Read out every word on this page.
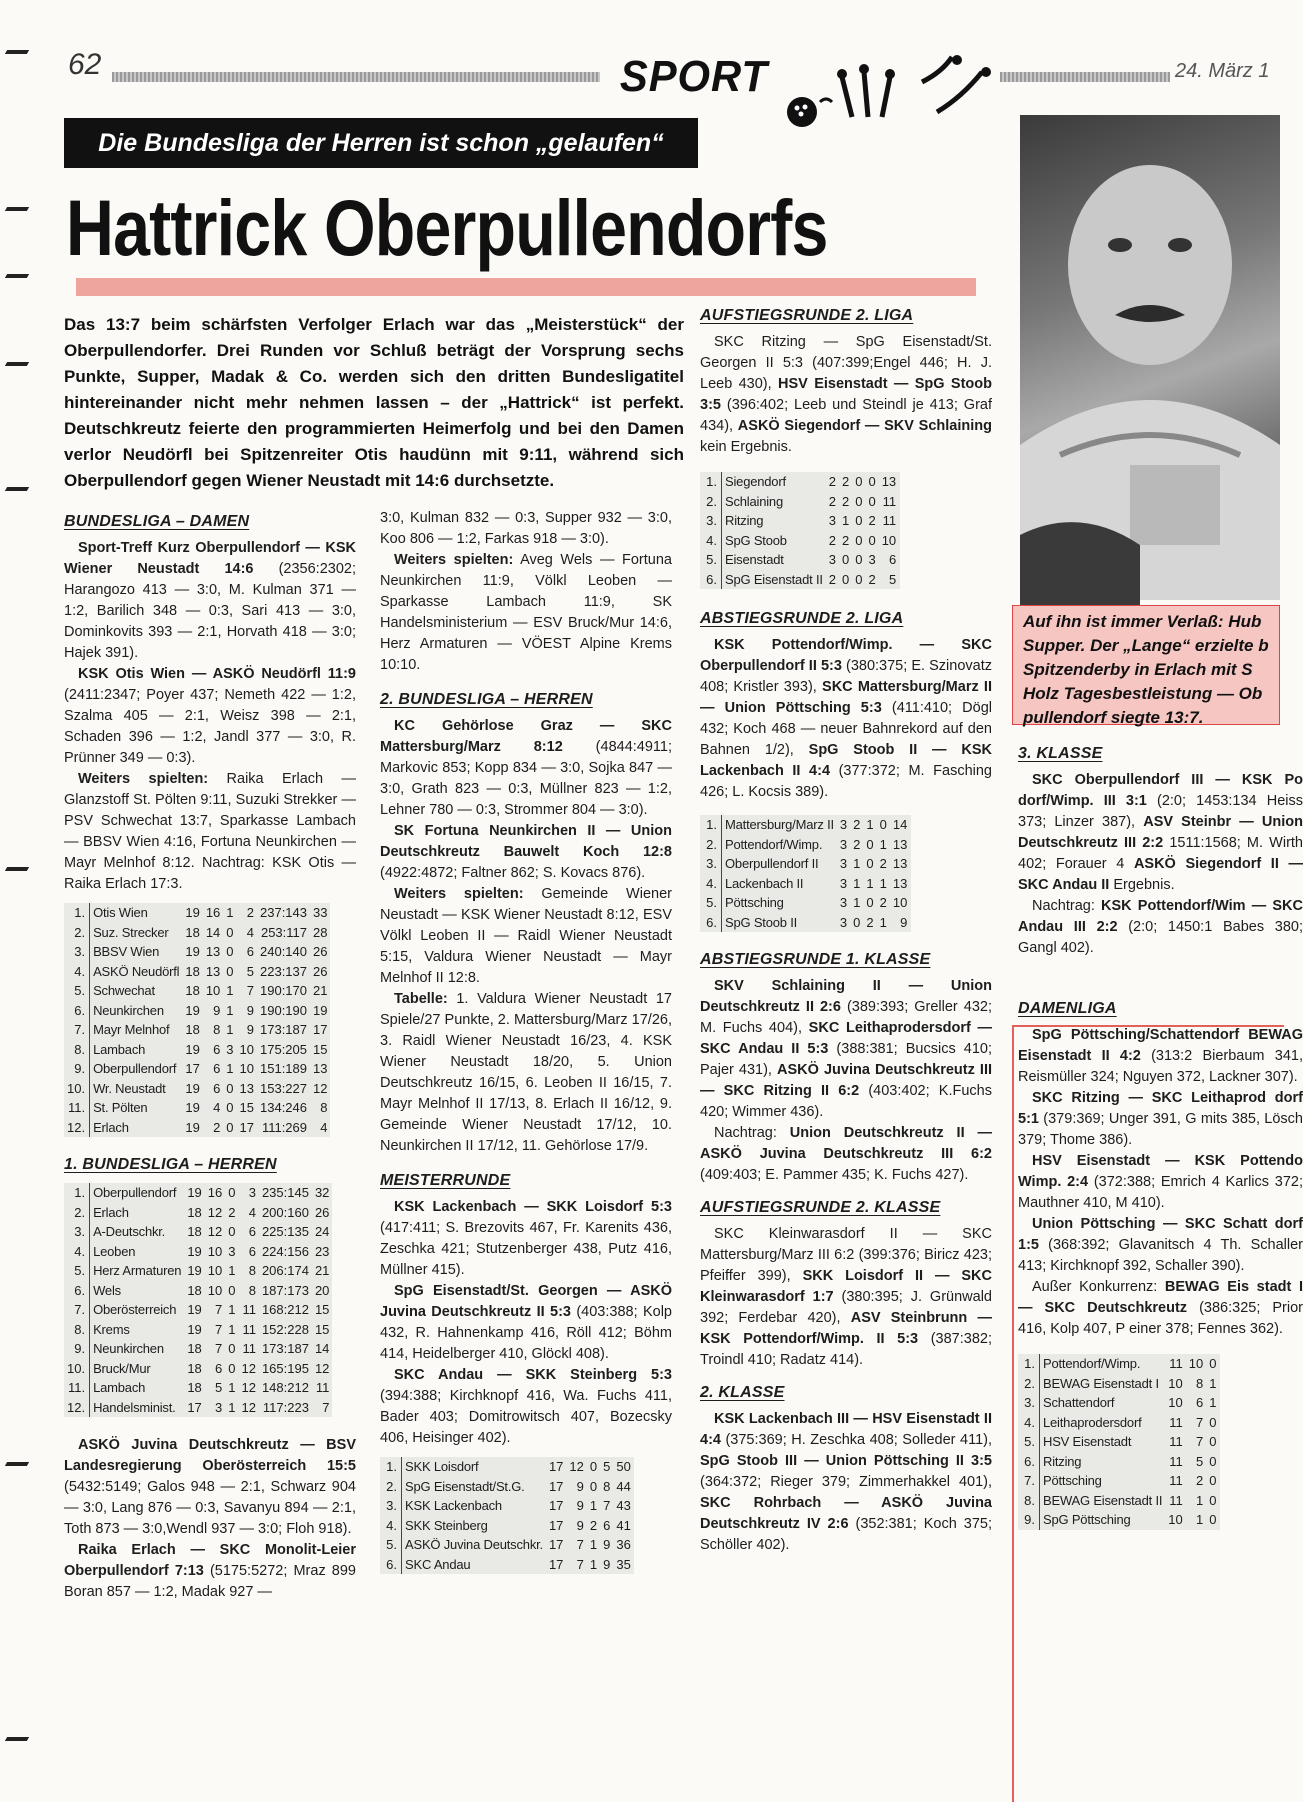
62	SPORT	24. März 1
Die Bundesliga der Herren ist schon „gelaufen“
Hattrick Oberpullendorfs
Das 13:7 beim schärfsten Verfolger Erlach war das „Meisterstück“ der Oberpullendorfer. Drei Runden vor Schluß beträgt der Vorsprung sechs Punkte, Supper, Madak & Co. werden sich den dritten Bundesligatitel hintereinander nicht mehr nehmen lassen – der „Hattrick“ ist perfekt. Deutschkreutz feierte den programmierten Heimerfolg und bei den Damen verlor Neudörfl bei Spitzenreiter Otis haudünn mit 9:11, während sich Oberpullendorf gegen Wiener Neustadt mit 14:6 durchsetzte.
Auf ihn ist immer Verlaß: Hub
Supper. Der „Lange“ erzielte b
Spitzenderby in Erlach mit S
Holz Tagesbestleistung — Ob
pullendorf siegte 13:7.
BUNDESLIGA – DAMEN

Sport-Treff Kurz Oberpullendorf — KSK Wiener Neustadt 14:6 (2356:2302; Harangozo 413 — 3:0, M. Kulman 371 — 1:2, Barilich 348 — 0:3, Sari 413 — 3:0, Dominkovits 393 — 2:1, Horvath 418 — 3:0; Hajek 391).

KSK Otis Wien — ASKÖ Neudörfl 11:9 (2411:2347; Poyer 437; Nemeth 422 — 1:2, Szalma 405 — 2:1, Weisz 398 — 2:1, Schaden 396 — 1:2, Jandl 377 — 3:0, R. Prünner 349 — 0:3).

Weiters spielten: Raika Erlach — Glanzstoff St. Pölten 9:11, Suzuki Strekker — PSV Schwechat 13:7, Sparkasse Lambach — BBSV Wien 4:16, Fortuna Neunkirchen — Mayr Melnhof 8:12. Nachtrag: KSK Otis — Raika Erlach 17:3.

1.	Otis Wien	19	16	1	2	237:143	33
2.	Suz. Strecker	18	14	0	4	253:117	28
3.	BBSV Wien	19	13	0	6	240:140	26
4.	ASKÖ Neudörfl	18	13	0	5	223:137	26
5.	Schwechat	18	10	1	7	190:170	21
6.	Neunkirchen	19	9	1	9	190:190	19
7.	Mayr Melnhof	18	8	1	9	173:187	17
8.	Lambach	19	6	3	10	175:205	15
9.	Oberpullendorf	17	6	1	10	151:189	13
10.	Wr. Neustadt	19	6	0	13	153:227	12
11.	St. Pölten	19	4	0	15	134:246	8
12.	Erlach	19	2	0	17	111:269	4
1. BUNDESLIGA – HERREN
1.	Oberpullendorf	19	16	0	3	235:145	32
2.	Erlach	18	12	2	4	200:160	26
3.	A-Deutschkr.	18	12	0	6	225:135	24
4.	Leoben	19	10	3	6	224:156	23
5.	Herz Armaturen	19	10	1	8	206:174	21
6.	Wels	18	10	0	8	187:173	20
7.	Oberösterreich	19	7	1	11	168:212	15
8.	Krems	19	7	1	11	152:228	15
9.	Neunkirchen	18	7	0	11	173:187	14
10.	Bruck/Mur	18	6	0	12	165:195	12
11.	Lambach	18	5	1	12	148:212	11
12.	Handelsminist.	17	3	1	12	117:223	7

ASKÖ Juvina Deutschkreutz — BSV Landesregierung Oberösterreich 15:5 (5432:5149; Galos 948 — 2:1, Schwarz 904 — 3:0, Lang 876 — 0:3, Savanyu 894 — 2:1, Toth 873 — 3:0,Wendl 937 — 3:0; Floh 918).

Raika Erlach — SKC Monolit-Leier Oberpullendorf 7:13 (5175:5272; Mraz 899 Boran 857 — 1:2, Madak 927 —

3:0, Kulman 832 — 0:3, Supper 932 — 3:0, Koo 806 — 1:2, Farkas 918 — 3:0).

Weiters spielten: Aveg Wels — Fortuna Neunkirchen 11:9, Völkl Leoben — Sparkasse Lambach 11:9, SK Handelsministerium — ESV Bruck/Mur 14:6, Herz Armaturen — VÖEST Alpine Krems 10:10.

2. BUNDESLIGA – HERREN

KC Gehörlose Graz — SKC Mattersburg/Marz 8:12 (4844:4911; Markovic 853; Kopp 834 — 3:0, Sojka 847 — 3:0, Grath 823 — 0:3, Müllner 823 — 1:2, Lehner 780 — 0:3, Strommer 804 — 3:0).

SK Fortuna Neunkirchen II — Union Deutschkreutz Bauwelt Koch 12:8 (4922:4872; Faltner 862; S. Kovacs 876).

Weiters spielten: Gemeinde Wiener Neustadt — KSK Wiener Neustadt 8:12, ESV Völkl Leoben II — Raidl Wiener Neustadt 5:15, Valdura Wiener Neustadt — Mayr Melnhof II 12:8.

Tabelle: 1. Valdura Wiener Neustadt 17 Spiele/27 Punkte, 2. Mattersburg/Marz 17/26, 3. Raidl Wiener Neustadt 16/23, 4. KSK Wiener Neustadt 18/20, 5. Union Deutschkreutz 16/15, 6. Leoben II 16/15, 7. Mayr Melnhof II 17/13, 8. Erlach II 16/12, 9. Gemeinde Wiener Neustadt 17/12, 10. Neunkirchen II 17/12, 11. Gehörlose 17/9.

MEISTERRUNDE

KSK Lackenbach — SKK Loisdorf 5:3 (417:411; S. Brezovits 467, Fr. Karenits 436, Zeschka 421; Stutzenberger 438, Putz 416, Müllner 415).

SpG Eisenstadt/St. Georgen — ASKÖ Juvina Deutschkreutz II 5:3 (403:388; Kolp 432, R. Hahnenkamp 416, Röll 412; Böhm 414, Heidelberger 410, Glöckl 408).

SKC Andau — SKK Steinberg 5:3 (394:388; Kirchknopf 416, Wa. Fuchs 411, Bader 403; Domitrowitsch 407, Bozecsky 406, Heisinger 402).

1.	SKK Loisdorf	17	12	0	5	50
2.	SpG Eisenstadt/St.G.	17	9	0	8	44
3.	KSK Lackenbach	17	9	1	7	43
4.	SKK Steinberg	17	9	2	6	41
5.	ASKÖ Juvina Deutschkr.	17	7	1	9	36
6.	SKC Andau	17	7	1	9	35
AUFSTIEGSRUNDE 2. LIGA

SKC Ritzing — SpG Eisenstadt/St. Georgen II 5:3 (407:399;Engel 446; H. J. Leeb 430), HSV Eisenstadt — SpG Stoob 3:5 (396:402; Leeb und Steindl je 413; Graf 434), ASKÖ Siegendorf — SKV Schlaining kein Ergebnis.

1.	Siegendorf	2	2	0	0	13
2.	Schlaining	2	2	0	0	11
3.	Ritzing	3	1	0	2	11
4.	SpG Stoob	2	2	0	0	10
5.	Eisenstadt	3	0	0	3	6
6.	SpG Eisenstadt II	2	0	0	2	5
ABSTIEGSRUNDE 2. LIGA

KSK Pottendorf/Wimp. — SKC Oberpullendorf II 5:3 (380:375; E. Szinovatz 408; Kristler 393), SKC Mattersburg/Marz II — Union Pöttsching 5:3 (411:410; Dögl 432; Koch 468 — neuer Bahnrekord auf den Bahnen 1/2), SpG Stoob II — KSK Lackenbach II 4:4 (377:372; M. Fasching 426; L. Kocsis 389).

1.	Mattersburg/Marz II	3	2	1	0	14
2.	Pottendorf/Wimp.	3	2	0	1	13
3.	Oberpullendorf II	3	1	0	2	13
4.	Lackenbach II	3	1	1	1	13
5.	Pöttsching	3	1	0	2	10
6.	SpG Stoob II	3	0	2	1	9
ABSTIEGSRUNDE 1. KLASSE

SKV Schlaining II — Union Deutschkreutz II 2:6 (389:393; Greller 432; M. Fuchs 404), SKC Leithaprodersdorf — SKC Andau II 5:3 (388:381; Bucsics 410; Pajer 431), ASKÖ Juvina Deutschkreutz III — SKC Ritzing II 6:2 (403:402; K.Fuchs 420; Wimmer 436).

Nachtrag: Union Deutschkreutz II — ASKÖ Juvina Deutschkreutz III 6:2 (409:403; E. Pammer 435; K. Fuchs 427).

AUFSTIEGSRUNDE 2. KLASSE

SKC Kleinwarasdorf II — SKC Mattersburg/Marz III 6:2 (399:376; Biricz 423; Pfeiffer 399), SKK Loisdorf II — SKC Kleinwarasdorf 1:7 (380:395; J. Grünwald 392; Ferdebar 420), ASV Steinbrunn — KSK Pottendorf/Wimp. II 5:3 (387:382; Troindl 410; Radatz 414).

2. KLASSE

KSK Lackenbach III — HSV Eisenstadt II 4:4 (375:369; H. Zeschka 408; Solleder 411), SpG Stoob III — Union Pöttsching II 3:5 (364:372; Rieger 379; Zimmerhakkel 401), SKC Rohrbach — ASKÖ Juvina Deutschkreutz IV 2:6 (352:381; Koch 375; Schöller 402).

3. KLASSE

SKC Oberpullendorf III — KSK Po dorf/Wimp. III 3:1 (2:0; 1453:134 Heiss 373; Linzer 387), ASV Steinbr — Union Deutschkreutz III 2:2 1511:1568; M. Wirth 402; Forauer 4 ASKÖ Siegendorf II — SKC Andau II Ergebnis.

Nachtrag: KSK Pottendorf/Wim — SKC Andau III 2:2 (2:0; 1450:1 Babes 380; Gangl 402).

DAMENLIGA

SpG Pöttsching/Schattendorf BEWAG Eisenstadt II 4:2 (313:2 Bierbaum 341, Reismüller 324; Nguyen 372, Lackner 307).

SKC Ritzing — SKC Leithaprod dorf 5:1 (379:369; Unger 391, G mits 385, Lösch 379; Thome 386).

HSV Eisenstadt — KSK Pottendo Wimp. 2:4 (372:388; Emrich 4 Karlics 372; Mauthner 410, M 410).

Union Pöttsching — SKC Schatt dorf 1:5 (368:392; Glavanitsch 4 Th. Schaller 413; Kirchknopf 392, Schaller 390).

Außer Konkurrenz: BEWAG Eis stadt I — SKC Deutschkreutz (386:325; Prior 416, Kolp 407, P einer 378; Fennes 362).

1.	Pottendorf/Wimp.	11	10	0
2.	BEWAG Eisenstadt I	10	8	1
3.	Schattendorf	10	6	1
4.	Leithaprodersdorf	11	7	0
5.	HSV Eisenstadt	11	7	0
6.	Ritzing	11	5	0
7.	Pöttsching	11	2	0
8.	BEWAG Eisenstadt II	11	1	0
9.	SpG Pöttsching	10	1	0
